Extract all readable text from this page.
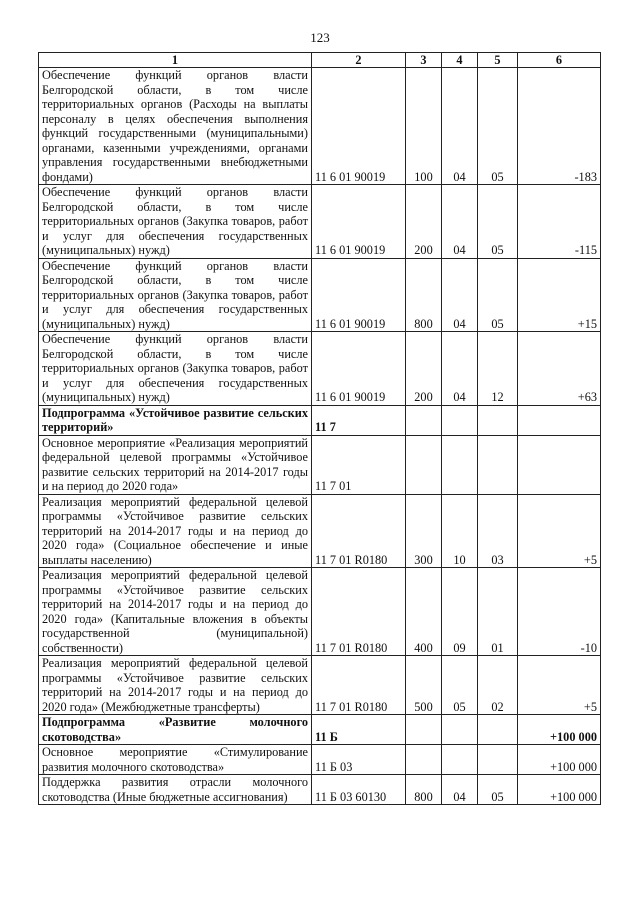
123
1	2	3	4	5	6
Обеспечение функций органов власти Белгородской области, в том числе территориальных органов (Расходы на выплаты персоналу в целях обеспечения выполнения функций государственными (муниципальными) органами, казенными учреждениями, органами управления государственными внебюджетными фондами)	11 6 01 90019	100	04	05	-183
Обеспечение функций органов власти Белгородской области, в том числе территориальных органов (Закупка товаров, работ и услуг для обеспечения государственных (муниципальных) нужд)	11 6 01 90019	200	04	05	-115
Обеспечение функций органов власти Белгородской области, в том числе территориальных органов (Закупка товаров, работ и услуг для обеспечения государственных (муниципальных) нужд)	11 6 01 90019	800	04	05	+15
Обеспечение функций органов власти Белгородской области, в том числе территориальных органов (Закупка товаров, работ и услуг для обеспечения государственных (муниципальных) нужд)	11 6 01 90019	200	04	12	+63
Подпрограмма «Устойчивое развитие сельских территорий»	11 7				
Основное мероприятие «Реализация мероприятий федеральной целевой программы «Устойчивое развитие сельских территорий на 2014-2017 годы и на период до 2020 года»	11 7 01				
Реализация мероприятий федеральной целевой программы «Устойчивое развитие сельских территорий на 2014-2017 годы и на период до 2020 года» (Социальное обеспечение и иные выплаты населению)	11 7 01 R0180	300	10	03	+5
Реализация мероприятий федеральной целевой программы «Устойчивое развитие сельских территорий на 2014-2017 годы и на период до 2020 года» (Капитальные вложения в объекты государственной (муниципальной) собственности)	11 7 01 R0180	400	09	01	-10
Реализация мероприятий федеральной целевой программы «Устойчивое развитие сельских территорий на 2014-2017 годы и на период до 2020 года» (Межбюджетные трансферты)	11 7 01 R0180	500	05	02	+5
Подпрограмма «Развитие молочного скотоводства»	11 Б				+100 000
Основное мероприятие «Стимулирование развития молочного скотоводства»	11 Б 03				+100 000
Поддержка развития отрасли молочного скотоводства (Иные бюджетные ассигнования)	11 Б 03 60130	800	04	05	+100 000
